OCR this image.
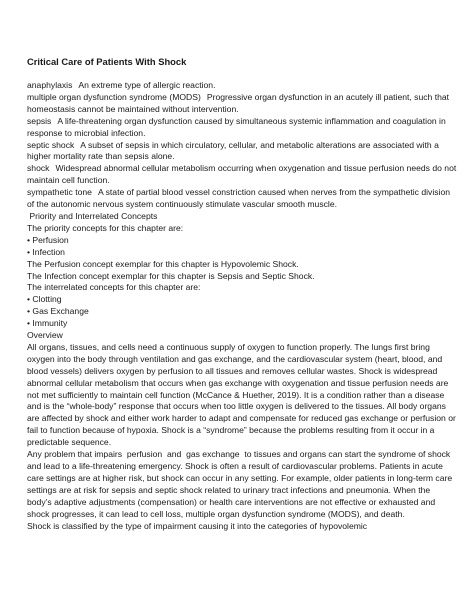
Critical Care of Patients With Shock

anaphylaxis An extreme type of allergic reaction.

multiple organ dysfunction syndrome (MODS) Progressive organ dysfunction in an acutely ill patient, such that homeostasis cannot be maintained without intervention.

sepsis A life-threatening organ dysfunction caused by simultaneous systemic inflammation and coagulation in response to microbial infection.

septic shock A subset of sepsis in which circulatory, cellular, and metabolic alterations are associated with a higher mortality rate than sepsis alone.

shock Widespread abnormal cellular metabolism occurring when oxygenation and tissue perfusion needs do not maintain cell function.

sympathetic tone A state of partial blood vessel constriction caused when nerves from the sympathetic division of the autonomic nervous system continuously stimulate vascular smooth muscle.

Priority and Interrelated Concepts

The priority concepts for this chapter are:

• Perfusion

• Infection

The Perfusion concept exemplar for this chapter is Hypovolemic Shock.

The Infection concept exemplar for this chapter is Sepsis and Septic Shock.

The interrelated concepts for this chapter are:

• Clotting

• Gas Exchange

• Immunity

Overview

All organs, tissues, and cells need a continuous supply of oxygen to function properly. The lungs first bring oxygen into the body through ventilation and gas exchange, and the cardiovascular system (heart, blood, and blood vessels) delivers oxygen by perfusion to all tissues and removes cellular wastes. Shock is widespread abnormal cellular metabolism that occurs when gas exchange with oxygenation and tissue perfusion needs are not met sufficiently to maintain cell function (McCance & Huether, 2019). It is a condition rather than a disease and is the “whole-body” response that occurs when too little oxygen is delivered to the tissues. All body organs are affected by shock and either work harder to adapt and compensate for reduced gas exchange or perfusion or fail to function because of hypoxia. Shock is a “syndrome” because the problems resulting from it occur in a predictable sequence.

Any problem that impairs  perfusion  and  gas exchange  to tissues and organs can start the syndrome of shock and lead to a life-threatening emergency. Shock is often a result of cardiovascular problems. Patients in acute care settings are at higher risk, but shock can occur in any setting. For example, older patients in long-term care settings are at risk for sepsis and septic shock related to urinary tract infections and pneumonia. When the body’s adaptive adjustments (compensation) or health care interventions are not effective or exhausted and shock progresses, it can lead to cell loss, multiple organ dysfunction syndrome (MODS), and death.

Shock is classified by the type of impairment causing it into the categories of hypovolemic
